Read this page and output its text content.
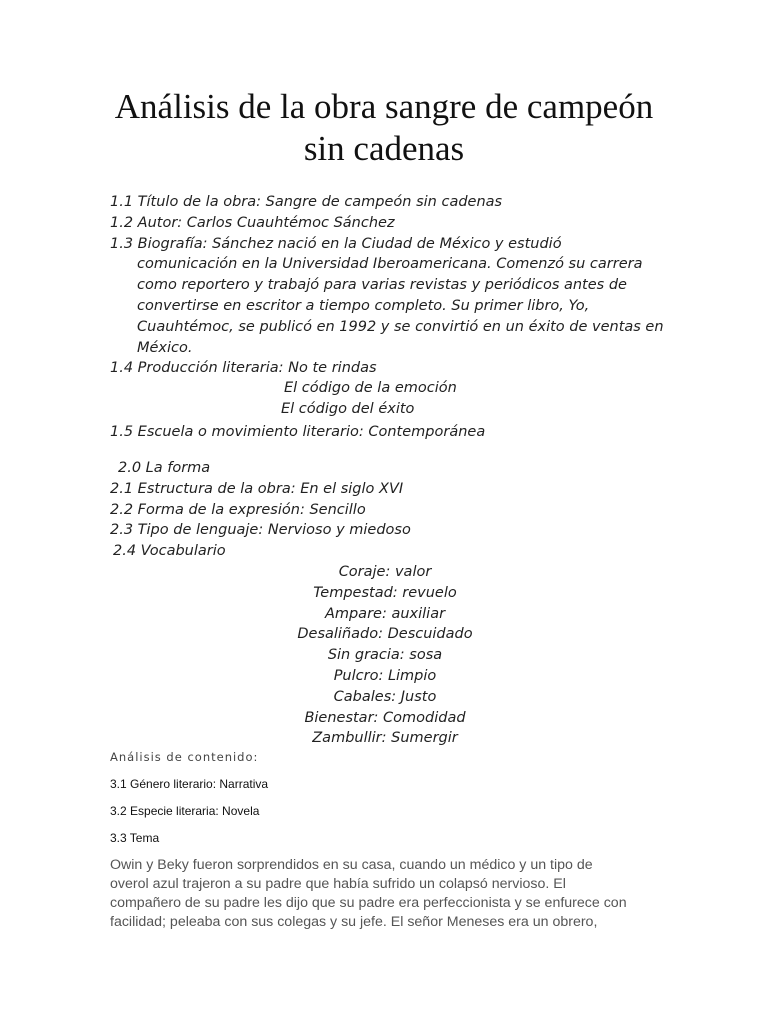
Análisis de la obra sangre de campeón
sin cadenas
1.1 Título de la obra: Sangre de campeón sin cadenas
1.2 Autor: Carlos Cuauhtémoc Sánchez
1.3 Biografía: Sánchez nació en la Ciudad de México y estudió
comunicación en la Universidad Iberoamericana. Comenzó su carrera
como reportero y trabajó para varias revistas y periódicos antes de
convertirse en escritor a tiempo completo. Su primer libro, Yo,
Cuauhtémoc, se publicó en 1992 y se convirtió en un éxito de ventas en
México.
1.4 Producción literaria: No te rindas
El código de la emoción
El código del éxito
1.5 Escuela o movimiento literario: Contemporánea
2.0 La forma
2.1 Estructura de la obra: En el siglo XVI
2.2 Forma de la expresión: Sencillo
2.3 Tipo de lenguaje: Nervioso y miedoso
2.4 Vocabulario
Coraje: valor
Tempestad: revuelo
Ampare: auxiliar
Desaliñado: Descuidado
Sin gracia: sosa
Pulcro: Limpio
Cabales: Justo
Bienestar: Comodidad
Zambullir: Sumergir
Análisis de contenido:
3.1 Género literario: Narrativa
3.2 Especie literaria: Novela
3.3 Tema
Owin y Beky fueron sorprendidos en su casa, cuando un médico y un tipo de
overol azul trajeron a su padre que había sufrido un colapsó nervioso. El
compañero de su padre les dijo que su padre era perfeccionista y se enfurece con
facilidad; peleaba con sus colegas y su jefe. El señor Meneses era un obrero,
